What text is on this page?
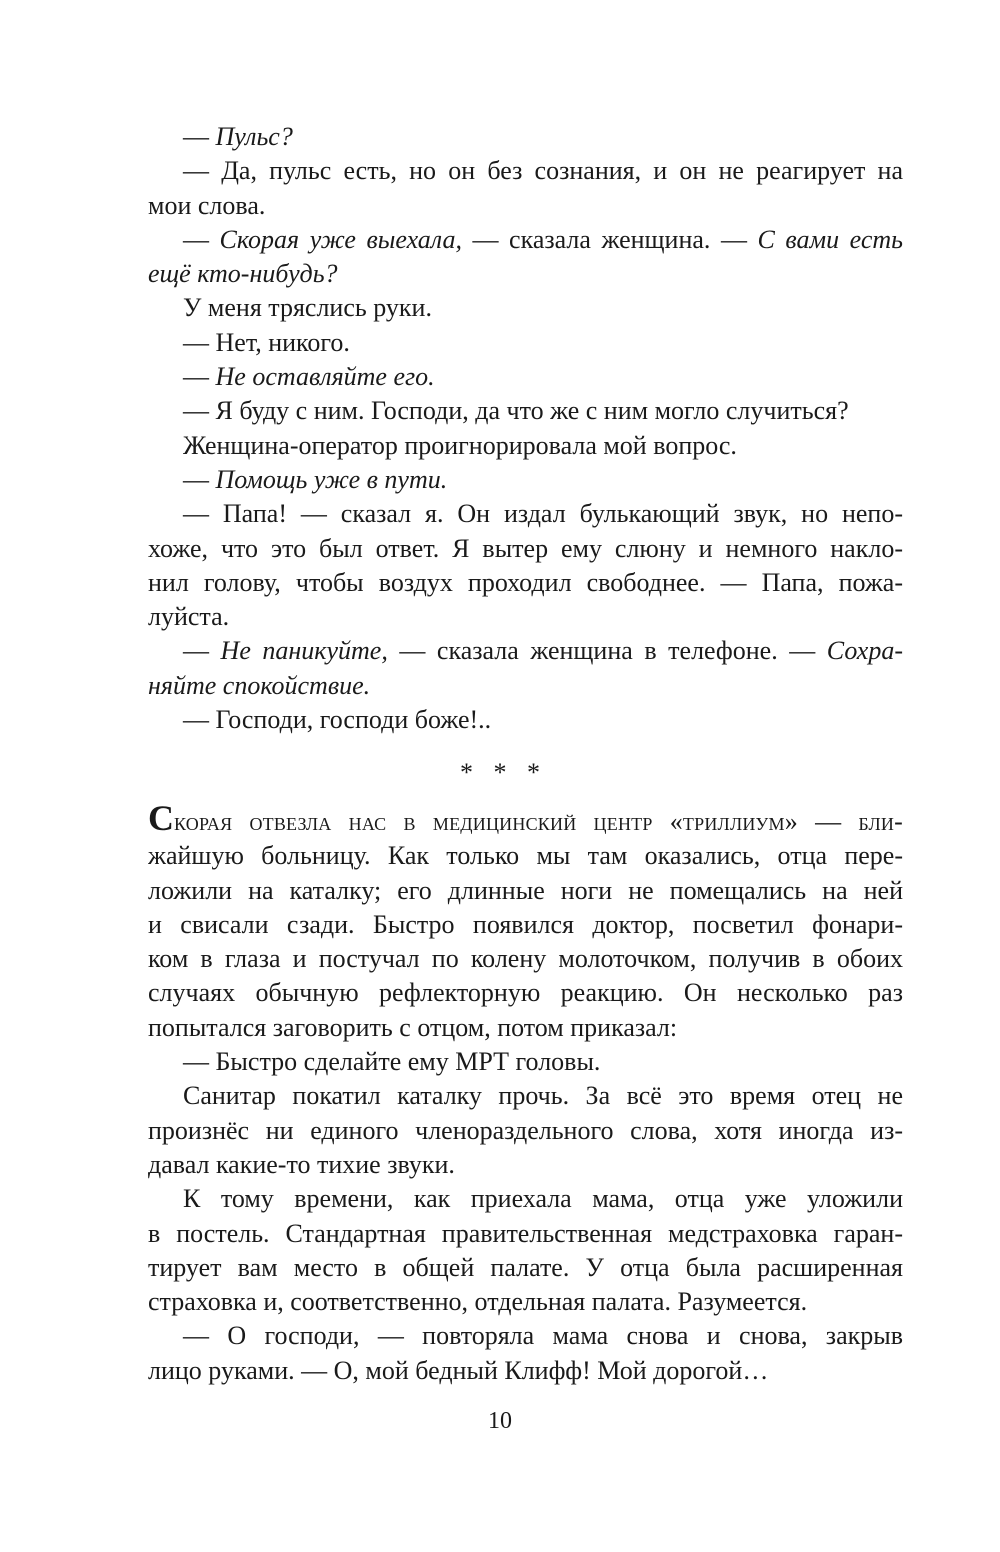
— Пульс?
— Да, пульс есть, но он без сознания, и он не реагирует на
мои слова.
— Скорая уже выехала, — сказала женщина. — С вами есть
ещё кто-нибудь?
У меня тряслись руки.
— Нет, никого.
— Не оставляйте его.
— Я буду с ним. Господи, да что же с ним могло случиться?
Женщина-оператор проигнорировала мой вопрос.
— Помощь уже в пути.
— Папа! — сказал я. Он издал булькающий звук, но непо-
хоже, что это был ответ. Я вытер ему слюну и немного накло-
нил голову, чтобы воздух проходил свободнее. — Папа, пожа-
луйста.
— Не паникуйте, — сказала женщина в телефоне. — Сохра-
няйте спокойствие.
— Господи, господи боже!..
* * *
Скорая отвезла нас в медицинский центр «триллиум» — бли-
жайшую больницу. Как только мы там оказались, отца пере-
ложили на каталку; его длинные ноги не помещались на ней
и свисали сзади. Быстро появился доктор, посветил фонари-
ком в глаза и постучал по колену молоточком, получив в обоих
случаях обычную рефлекторную реакцию. Он несколько раз
попытался заговорить с отцом, потом приказал:
— Быстро сделайте ему МРТ головы.
Санитар покатил каталку прочь. За всё это время отец не
произнёс ни единого членораздельного слова, хотя иногда из-
давал какие-то тихие звуки.
К тому времени, как приехала мама, отца уже уложили
в постель. Стандартная правительственная медстраховка гаран-
тирует вам место в общей палате. У отца была расширенная
страховка и, соответственно, отдельная палата. Разумеется.
— О господи, — повторяла мама снова и снова, закрыв
лицо руками. — О, мой бедный Клифф! Мой дорогой…
10
